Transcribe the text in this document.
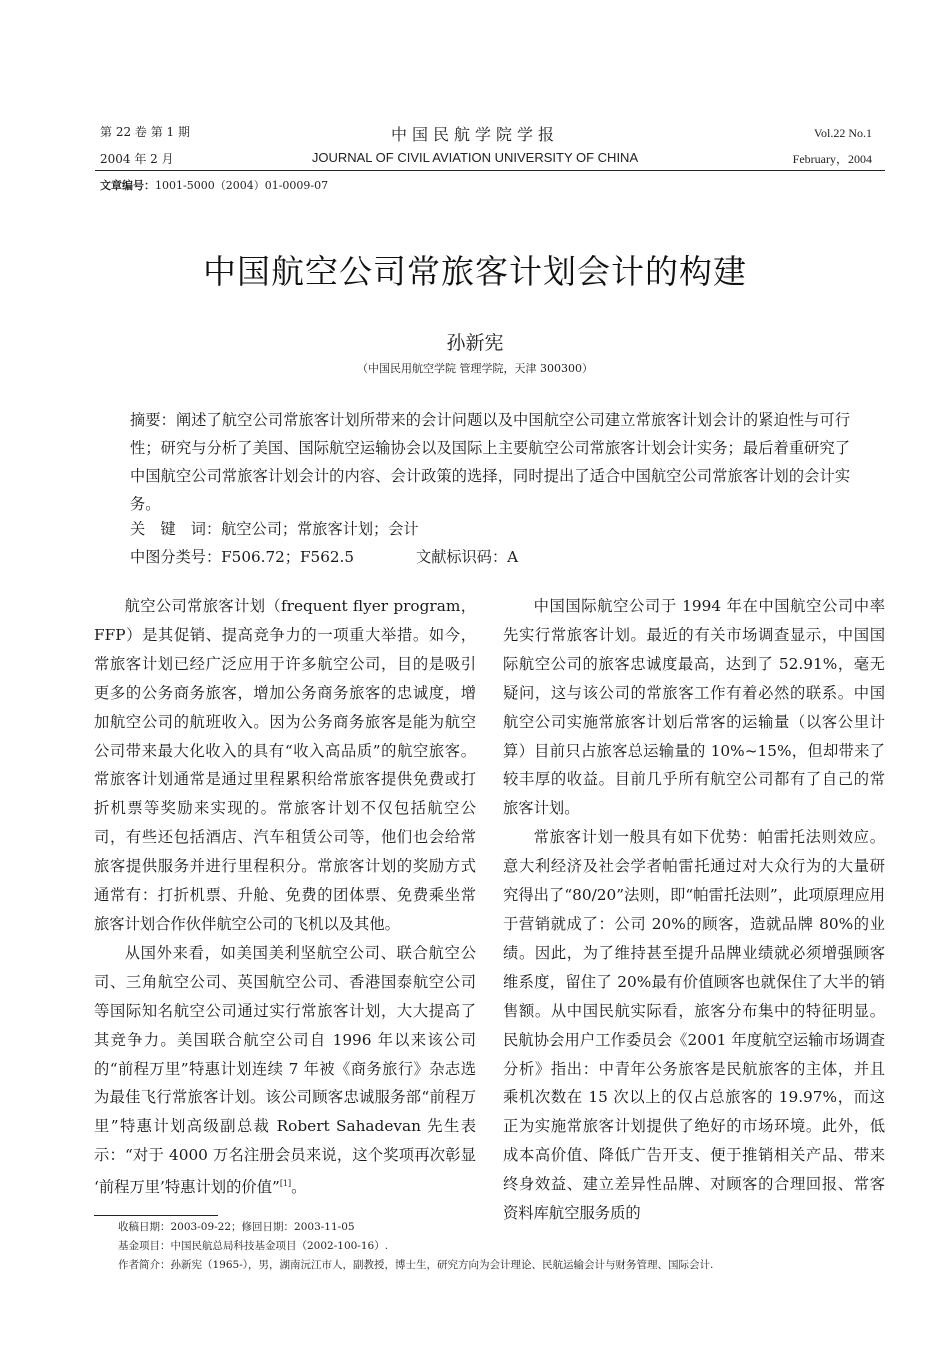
第 22 卷 第 1 期
2004 年 2 月
中国民航学院学报
JOURNAL OF CIVIL AVIATION UNIVERSITY OF CHINA
Vol.22 No.1
February，2004
文章编号：1001-5000（2004）01-0009-07
中国航空公司常旅客计划会计的构建
孙新宪
（中国民用航空学院 管理学院，天津 300300）
摘要：阐述了航空公司常旅客计划所带来的会计问题以及中国航空公司建立常旅客计划会计的紧迫性与可行性；研究与分析了美国、国际航空运输协会以及国际上主要航空公司常旅客计划会计实务；最后着重研究了中国航空公司常旅客计划会计的内容、会计政策的选择，同时提出了适合中国航空公司常旅客计划的会计实务。
关　键　词：航空公司；常旅客计划；会计
中图分类号：F506.72；F562.5	文献标识码：A

航空公司常旅客计划（frequent flyer program，FFP）是其促销、提高竞争力的一项重大举措。如今，常旅客计划已经广泛应用于许多航空公司，目的是吸引更多的公务商务旅客，增加公务商务旅客的忠诚度，增加航空公司的航班收入。因为公务商务旅客是能为航空公司带来最大化收入的具有“收入高品质”的航空旅客。常旅客计划通常是通过里程累积给常旅客提供免费或打折机票等奖励来实现的。常旅客计划不仅包括航空公司，有些还包括酒店、汽车租赁公司等，他们也会给常旅客提供服务并进行里程积分。常旅客计划的奖励方式通常有：打折机票、升舱、免费的团体票、免费乘坐常旅客计划合作伙伴航空公司的飞机以及其他。

从国外来看，如美国美利坚航空公司、联合航空公司、三角航空公司、英国航空公司、香港国泰航空公司等国际知名航空公司通过实行常旅客计划，大大提高了其竞争力。美国联合航空公司自 1996 年以来该公司的“前程万里”特惠计划连续 7 年被《商务旅行》杂志选为最佳飞行常旅客计划。该公司顾客忠诚服务部“前程万里”特惠计划高级副总裁 Robert Sahadevan 先生表示：“对于 4000 万名注册会员来说，这个奖项再次彰显 ‘前程万里’特惠计划的价值”[1]。

中国国际航空公司于 1994 年在中国航空公司中率先实行常旅客计划。最近的有关市场调查显示，中国国际航空公司的旅客忠诚度最高，达到了 52.91%，毫无疑问，这与该公司的常旅客工作有着必然的联系。中国航空公司实施常旅客计划后常客的运输量（以客公里计算）目前只占旅客总运输量的 10%~15%，但却带来了较丰厚的收益。目前几乎所有航空公司都有了自己的常旅客计划。

常旅客计划一般具有如下优势：帕雷托法则效应。意大利经济及社会学者帕雷托通过对大众行为的大量研究得出了“80/20”法则，即“帕雷托法则”，此项原理应用于营销就成了：公司 20%的顾客，造就品牌 80%的业绩。因此，为了维持甚至提升品牌业绩就必须增强顾客维系度，留住了 20%最有价值顾客也就保住了大半的销售额。从中国民航实际看，旅客分布集中的特征明显。民航协会用户工作委员会《2001 年度航空运输市场调查分析》指出：中青年公务旅客是民航旅客的主体，并且乘机次数在 15 次以上的仅占总旅客的 19.97%，而这正为实施常旅客计划提供了绝好的市场环境。此外，低成本高价值、降低广告开支、便于推销相关产品、带来终身效益、建立差异性品牌、对顾客的合理回报、常客资料库航空服务质的

收稿日期：2003-09-22；修回日期：2003-11-05
基金项目：中国民航总局科技基金项目（2002-100-16）.
作者简介：孙新宪（1965-），男，湖南沅江市人，副教授，博士生，研究方向为会计理论、民航运输会计与财务管理、国际会计.
